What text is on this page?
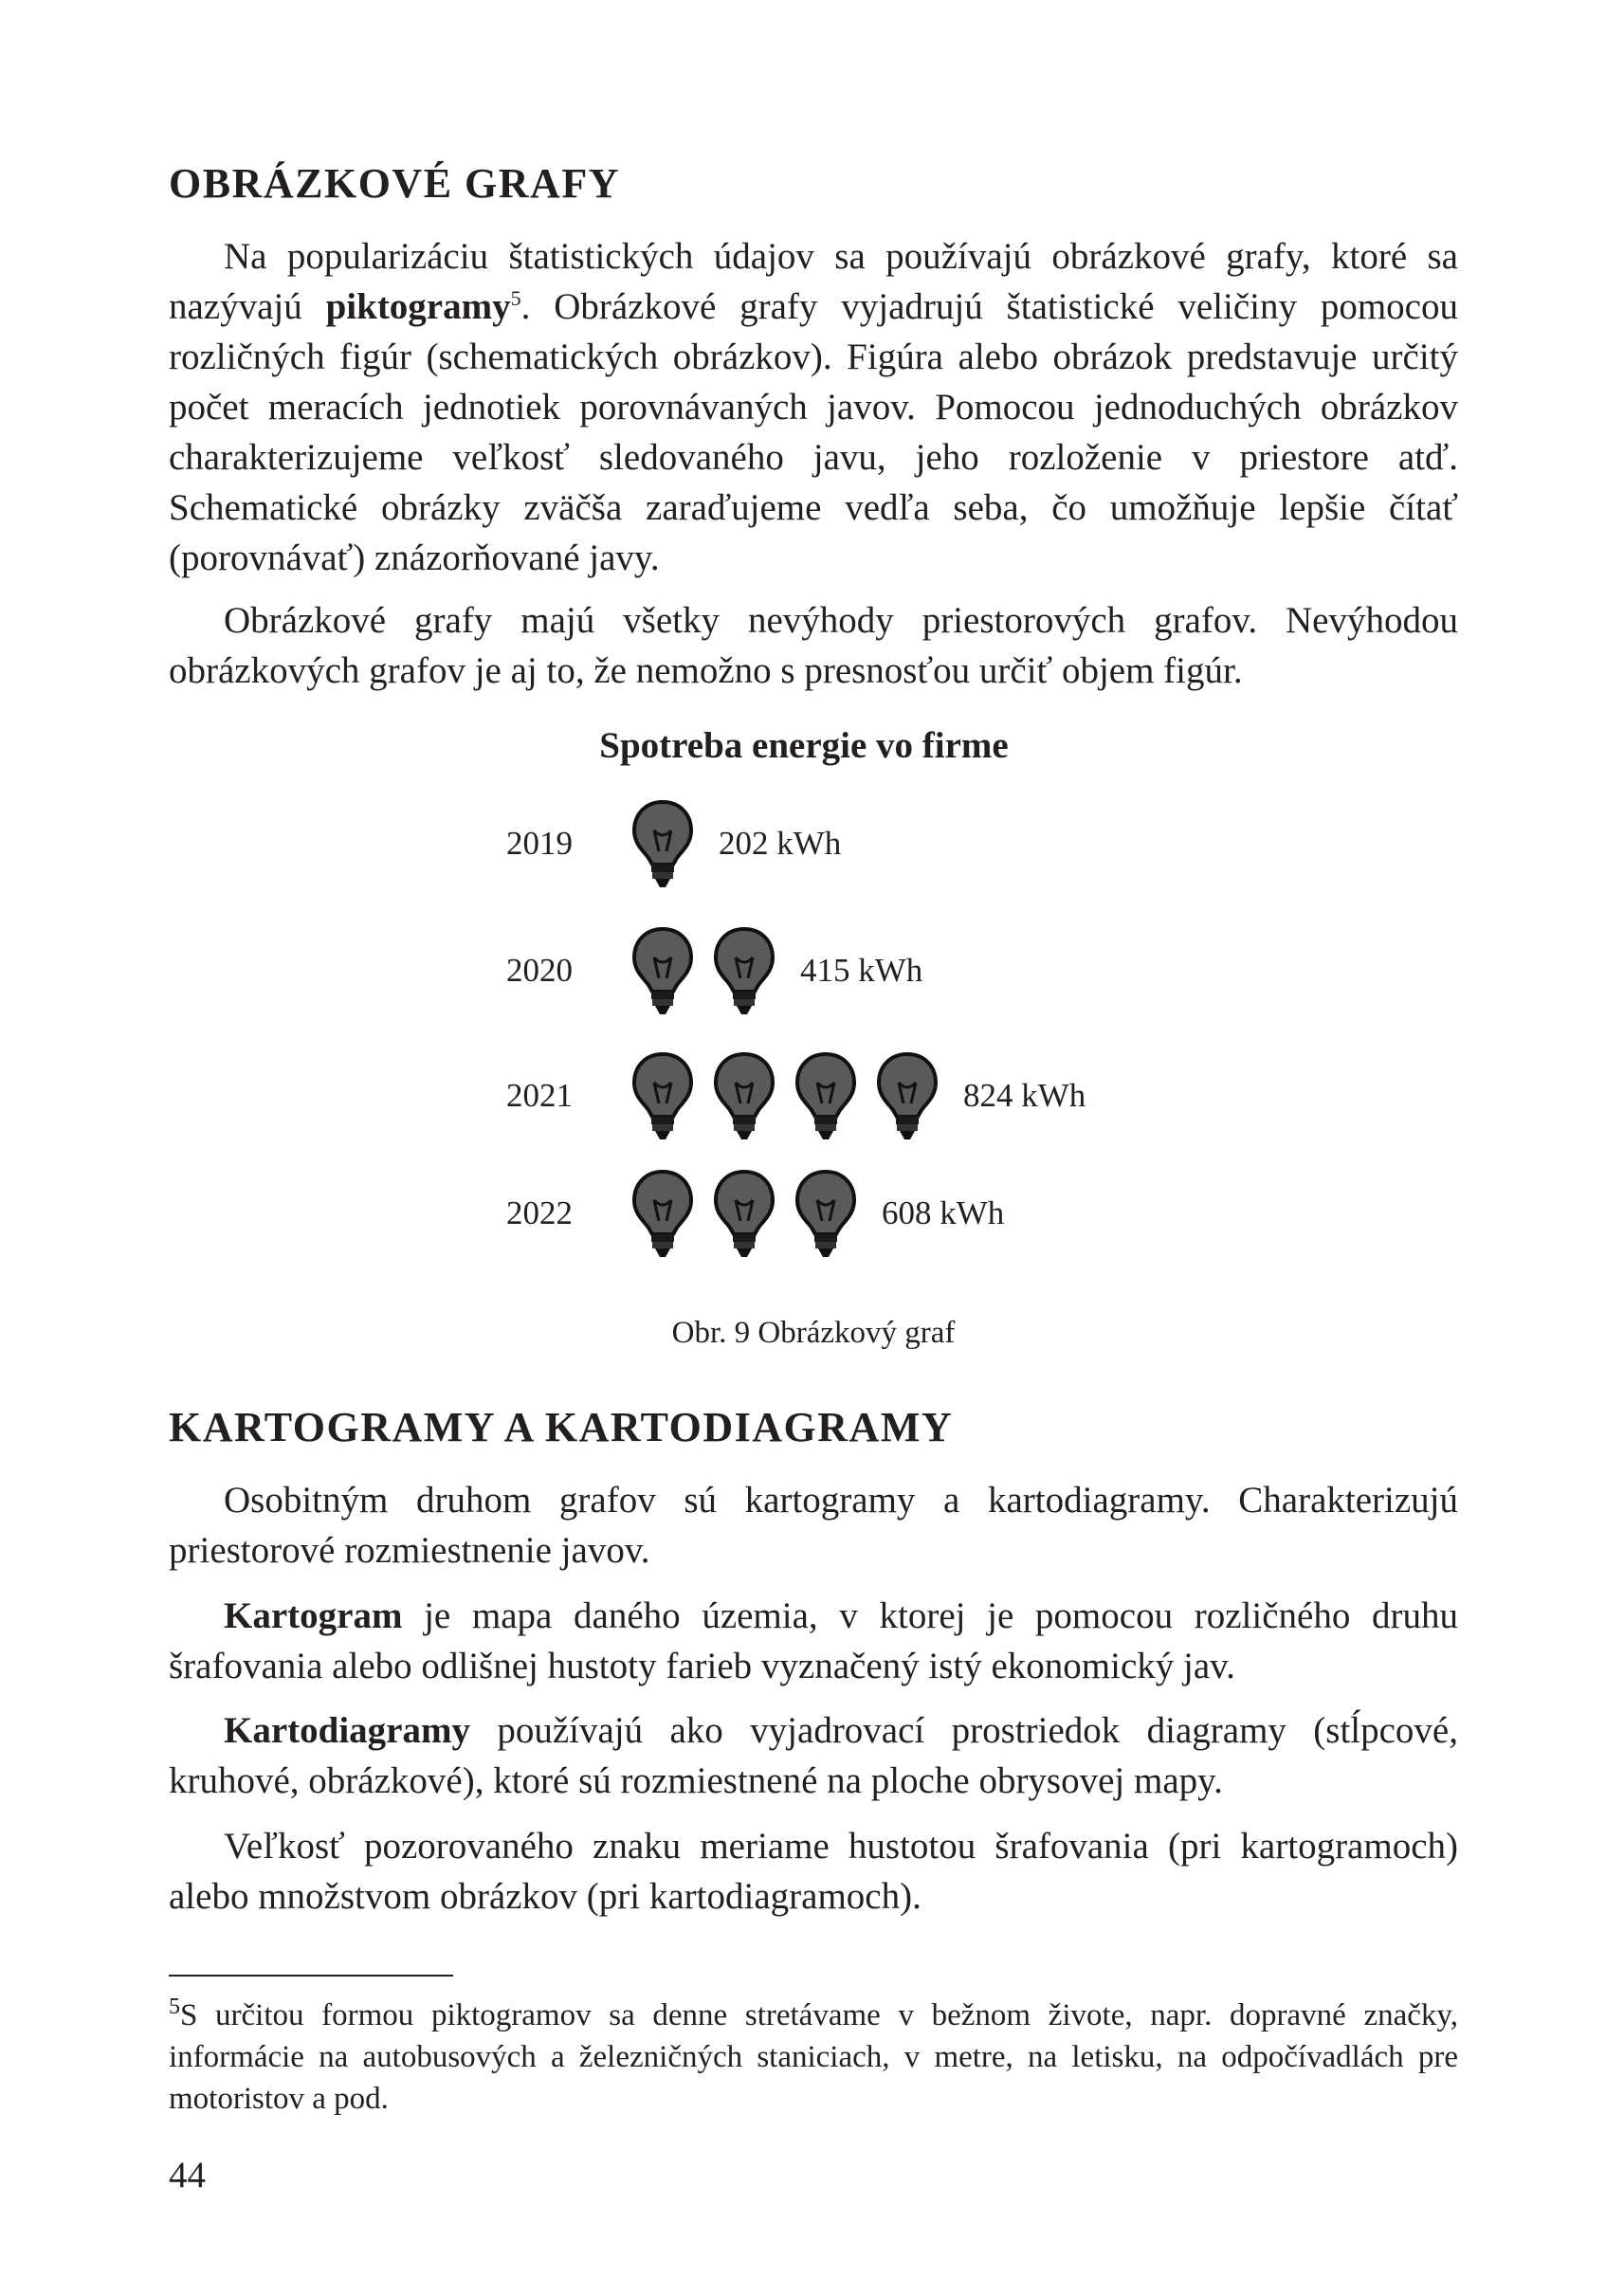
OBRÁZKOVÉ GRAFY

Na popularizáciu štatistických údajov sa používajú obrázkové grafy, ktoré sa nazývajú piktogramy$^5$. Obrázkové grafy vyjadrujú štatistické veličiny pomocou rozličných figúr (schematických obrázkov). Figúra alebo obrázok predstavuje určitý počet meracích jednotiek porovnávaných javov. Pomocou jednoduchých obrázkov charakterizujeme veľkosť sledovaného javu, jeho rozloženie v priestore atď. Schematické obrázky zväčša zaraďujeme vedľa seba, čo umožňuje lepšie čítať (porovnávať) znázorňované javy.

Obrázkové grafy majú všetky nevýhody priestorových grafov. Nevýhodou obrázkových grafov je aj to, že nemožno s presnosťou určiť objem figúr.

Spotreba energie vo firme

2019	202 kWh
2020	415 kWh
2021	824 kWh
2022	608 kWh

Obr. 9 Obrázkový graf

KARTOGRAMY A KARTODIAGRAMY

Osobitným druhom grafov sú kartogramy a kartodiagramy. Charakterizujú priestorové rozmiestnenie javov.

Kartogram je mapa daného územia, v ktorej je pomocou rozličného druhu šrafovania alebo odlišnej hustoty farieb vyznačený istý ekonomický jav.

Kartodiagramy používajú ako vyjadrovací prostriedok diagramy (stĺpcové, kruhové, obrázkové), ktoré sú rozmiestnené na ploche obrysovej mapy.

Veľkosť pozorovaného znaku meriame hustotou šrafovania (pri kartogramoch) alebo množstvom obrázkov (pri kartodiagramoch).

$^5$S určitou formou piktogramov sa denne stretávame v bežnom živote, napr. dopravné značky, informácie na autobusových a železničných staniciach, v metre, na letisku, na odpočívadlách pre motoristov a pod.

44
